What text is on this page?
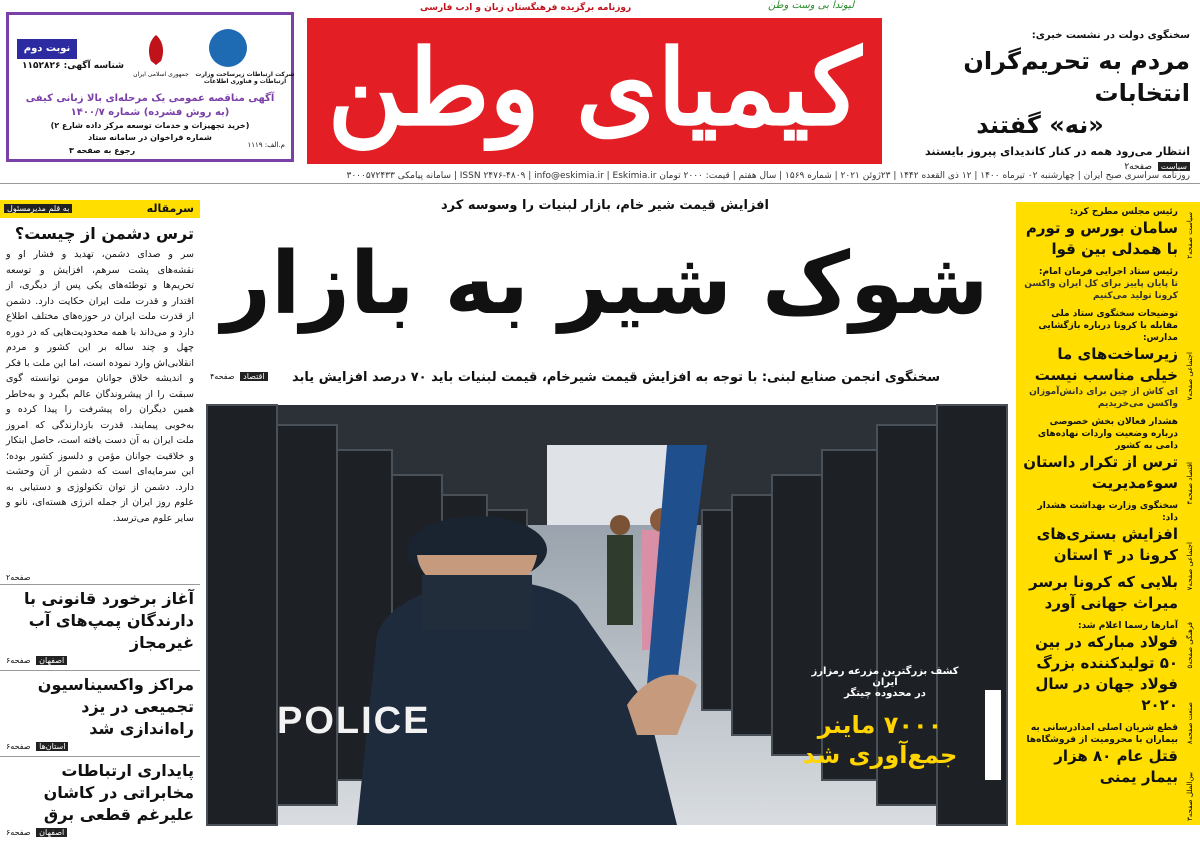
نوبت دوم
شناسه آگهی: ۱۱۵۲۸۲۶
جمهوری اسلامی ایران	شرکت ارتباطات زیرساخت وزارت ارتباطات و فناوری اطلاعات
آگهی مناقصه عمومی یک مرحله‌ای بالا زبانی کیفی
(به روش فشرده) شماره ۱۴۰۰/۷
(خرید تجهیزات و خدمات توسعه مرکز داده شارع ۲)
شماره فراخوان در سامانه ستاد
رجوع به صفحه ۳
م.الف: ۱۱۱۹
روزنامه برگزیده فرهنگستان زبان و ادب فارسی	لیوندا بی وست وطن
کیمیای وطن	سخنگوی دولت در نشست خبری:
مردم به تحریم‌گران انتخابات
«نه» گفتند
انتظار می‌رود همه در کنار کاندیدای پیروز بایستند
سیاست صفحه۲
روزنامه سراسری صبح ایران | چهارشنبه ۰۲ تیرماه ۱۴۰۰ | ۱۲ ذی القعده ۱۴۴۲ | ۲۳ژوئن ۲۰۲۱ | شماره ۱۵۶۹ | سال هفتم | قیمت: ۲۰۰۰ تومان ISSN ۲۴۷۶-۴۸۰۹ | info@eskimia.ir | Eskimia.ir | سامانه پیامکی ۳۰۰۰۵۷۲۴۳۳
سرمقاله
به قلم مدیرمسئول
ترس دشمن از چیست؟
سر و صدای دشمن، تهدید و فشار او و نقشه‌های پشت سرهم، افزایش و توسعه تحریم‌ها و توطئه‌های یکی پس از دیگری، از اقتدار و قدرت ملت ایران حکایت دارد. دشمن از قدرت ملت ایران در حوزه‌های مختلف اطلاع دارد و می‌داند با همه محدودیت‌هایی که در دوره چهل و چند ساله بر این کشور و مردم انقلابی‌اش وارد نموده است، اما این ملت با فکر و اندیشه خلاق جوانان مومن توانسته گوی سبقت را از پیشروندگان عالم بگیرد و به‌خاطر همین دیگران راه پیشرفت را پیدا کرده و به‌خوبی پیمایند. قدرت بازدارندگی که امروز ملت ایران به آن دست یافته است، حاصل ابتکار و خلاقیت جوانان مؤمن و دلسوز کشور بوده؛ این سرمایه‌ای است که دشمن از آن وحشت دارد. دشمن از توان تکنولوژی و دستیابی به علوم روز ایران از جمله انرژی هسته‌ای، نانو و سایر علوم می‌ترسد.
صفحه۲
آغاز برخورد قانونی با دارندگان پمپ‌های آب غیرمجاز
اصفهان صفحه۶
مراکز واکسیناسیون تجمیعی در یزد راه‌اندازی شد
استان‌ها صفحه۶
پایداری ارتباطات مخابراتی در کاشان علیرغم قطعی برق
اصفهان صفحه۶
افزایش قیمت شیر خام، بازار لبنیات را وسوسه کرد
شوک شیر به بازار
سخنگوی انجمن صنایع لبنی: با توجه به افزایش قیمت شیرخام، قیمت لبنیات باید ۷۰ درصد افزایش یابد
اقتصاد صفحه۴
POLICE
کشف بزرگترین مزرعه رمزارز ایران
در محدوده چیتگر
۷۰۰۰ ماینر
جمع‌آوری شد
سیاست صفحه۲
اجتماعی صفحه۷
اقتصاد صفحه۴
اجتماعی صفحه۷
فرهنگی صفحه۵
صنعت صفحه۸
بین‌الملل صفحه۳
رئیس مجلس مطرح کرد:
سامان بورس و تورم با همدلی بین قوا
رئیس ستاد اجرایی فرمان امام:
تا پایان پاییز برای کل ایران واکسن کرونا تولید می‌کنیم
توضیحات سخنگوی ستاد ملی مقابله با کرونا درباره بازگشایی مدارس:
زیرساخت‌های ما خیلی مناسب نیست
ای کاش از چین برای دانش‌آموزان واکسن می‌خریدیم
هشدار فعالان بخش خصوصی درباره وضعیت واردات نهاده‌های دامی به کشور
ترس از تکرار داستان سوءمدیریت
سخنگوی وزارت بهداشت هشدار داد:
افزایش بستری‌های کرونا در ۴ استان
بلایی که کرونا برسر میراث جهانی آورد
آمارها رسما اعلام شد:
فولاد مبارکه در بین ۵۰ تولیدکننده بزرگ فولاد جهان در سال ۲۰۲۰
قطع شریان اصلی امدادرسانی به بیماران با محرومیت از فروشگاه‌ها
قتل عام ۸۰ هزار بیمار یمنی
